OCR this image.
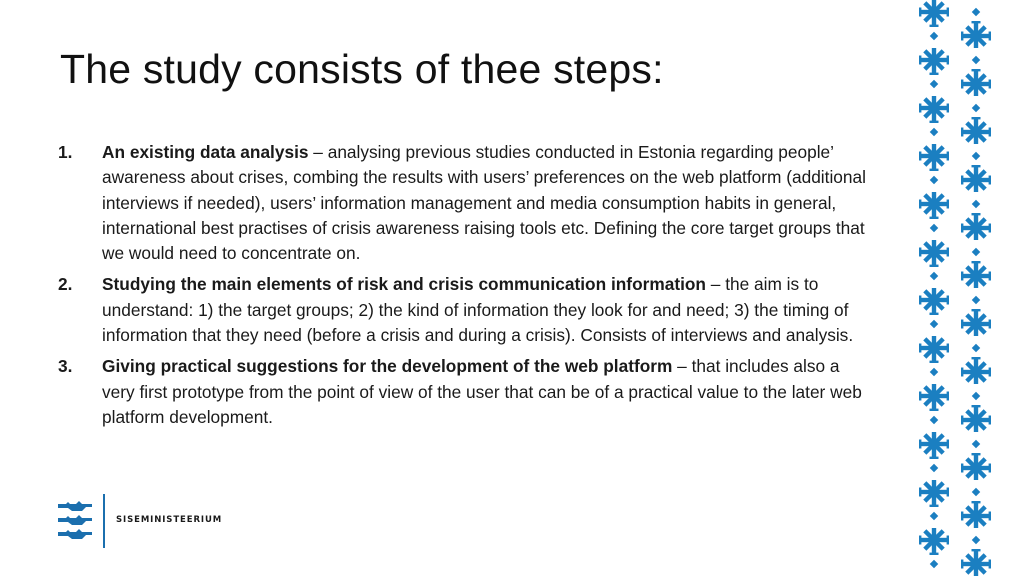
The study consists of thee steps:
1.	An existing data analysis – analysing previous studies conducted in Estonia regarding people’ awareness about crises, combing the results with users’ preferences on the web platform (additional interviews if needed), users’ information management and media consumption habits in general, international best practises of crisis awareness raising tools etc. Defining the core target groups that we would need to concentrate on.
2.	Studying the main elements of risk and crisis communication information – the aim is to understand: 1) the target groups; 2) the kind of information they look for and need; 3) the timing of information that they need (before a crisis and during a crisis). Consists of interviews and analysis.
3.	Giving practical suggestions for the development of the web platform – that includes also a very first prototype from the point of view of the user that can be of a practical value to the later web platform development.

SISEMINISTEERIUM
